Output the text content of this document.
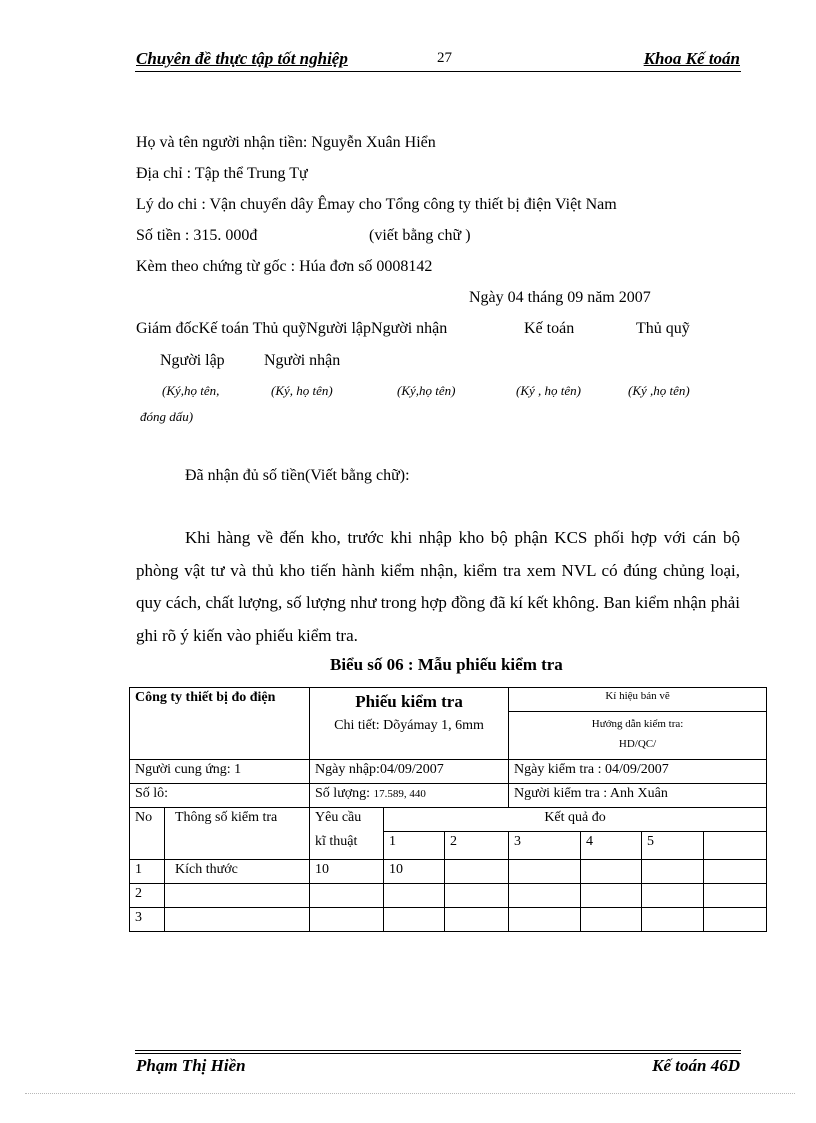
Chuyên đề thực tập tốt nghiệp	27	Khoa Kế toán
Họ và tên người nhận tiền: Nguyễn Xuân Hiển
Địa chỉ : Tập thể Trung Tự
Lý do chi : Vận chuyển dây Êmay cho Tổng công ty thiết bị điện Việt Nam
Số tiền : 315. 000đ	(viết bằng chữ )
Kèm theo chứng từ gốc : Húa đơn số 0008142
Ngày 04 tháng 09 năm 2007
Giám đốcKế toán Thủ quỹNgười lậpNgười nhận	Kế toán	Thủ quỹ
Người lập Người nhận
(Ký,họ tên,
đóng dấu)
(Ký, họ tên)	(Ký,họ tên)	(Ký , họ tên)	(Ký ,họ tên)
Đã nhận đủ số tiền(Viết bằng chữ):
Khi hàng về đến kho, trước khi nhập kho bộ phận KCS phối hợp với cán bộ phòng vật tư và thủ kho tiến hành kiểm nhận, kiểm tra xem NVL có đúng chủng loại, quy cách, chất lượng, số lượng như trong hợp đồng đã kí kết không. Ban kiểm nhận phải ghi rõ ý kiến vào phiếu kiểm tra.
Biểu số 06 : Mẫu phiếu kiểm tra
Công ty thiết bị đo điện		Phiếu kiểm tra
Chi tiết: Dõyámay 1, 6mm			Kí hiệu bản vẽ			
					Hướng dẫn kiểm tra:
HD/QC/			
Người cung ứng: 1		Ngày nhập:04/09/2007			Ngày kiểm tra : 04/09/2007			
Số lô:		Số lượng: 17.589, 440			Người kiểm tra : Anh Xuân			
No	Thông số kiểm tra	Yêu cầu	Kết quả đo					
		kĩ thuật	1	2	3	4	5	
1	Kích thước	10	10					
2								
3								
Phạm Thị Hiền	Kế toán 46D
